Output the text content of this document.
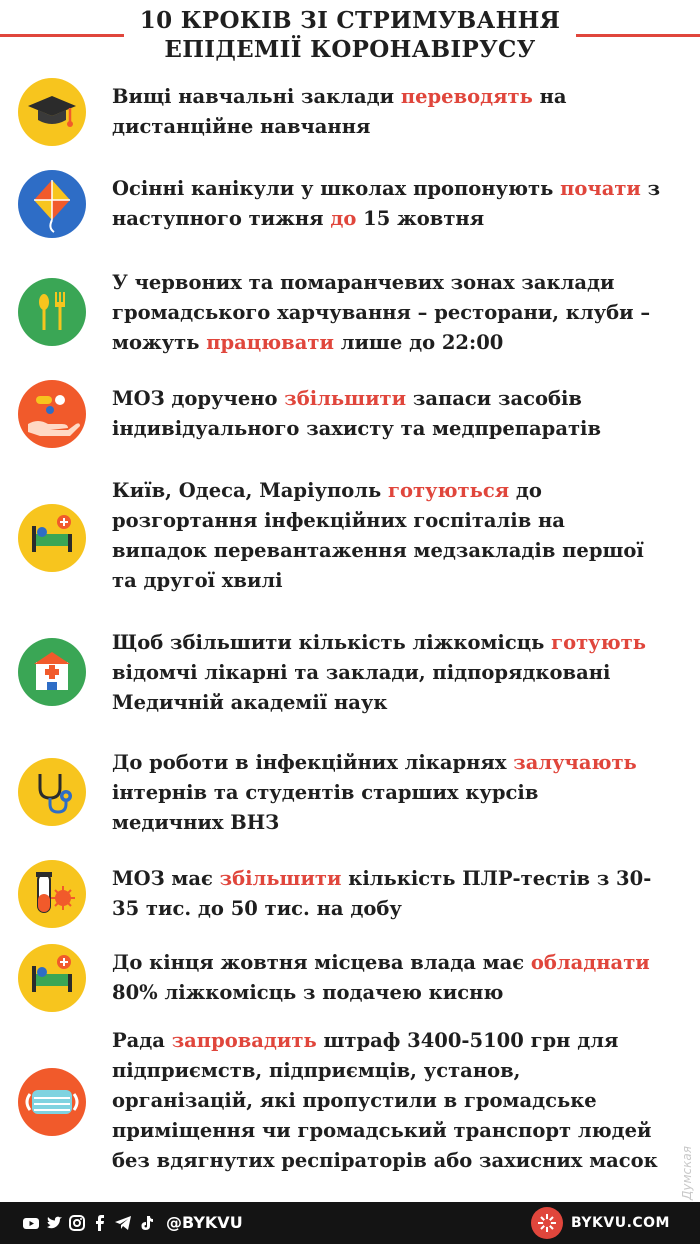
10 КРОКІВ ЗІ СТРИМУВАННЯ
ЕПІДЕМІЇ КОРОНАВІРУСУ
Вищі навчальні заклади переводять на
дистанційне навчання
Осінні канікули у школах пропонують почати з
наступного тижня до 15 жовтня
У червоних та помаранчевих зонах заклади
громадського харчування – ресторани, клуби –
можуть працювати лише до 22:00
МОЗ доручено збільшити запаси засобів
індивідуального захисту та медпрепаратів
Київ, Одеса, Маріуполь готуються до
розгортання інфекційних госпіталів на
випадок перевантаження медзакладів першої
та другої хвилі
Щоб збільшити кількість ліжкомісць готують
відомчі лікарні та заклади, підпорядковані
Медичній академії наук
До роботи в інфекційних лікарнях залучають
інтернів та студентів старших курсів
медичних ВНЗ
МОЗ має збільшити кількість ПЛР-тестів з 30-
35 тис. до 50 тис. на добу
До кінця жовтня місцева влада має обладнати
80% ліжкомісць з подачею кисню
Рада запровадить штраф 3400-5100 грн для
підприємств, підприємців, установ,
організацій, які пропустили в громадське
приміщення чи громадський транспорт людей
без вдягнутих респіраторів або захисних масок	Думская
@BYKVU	BYKVU.COM
